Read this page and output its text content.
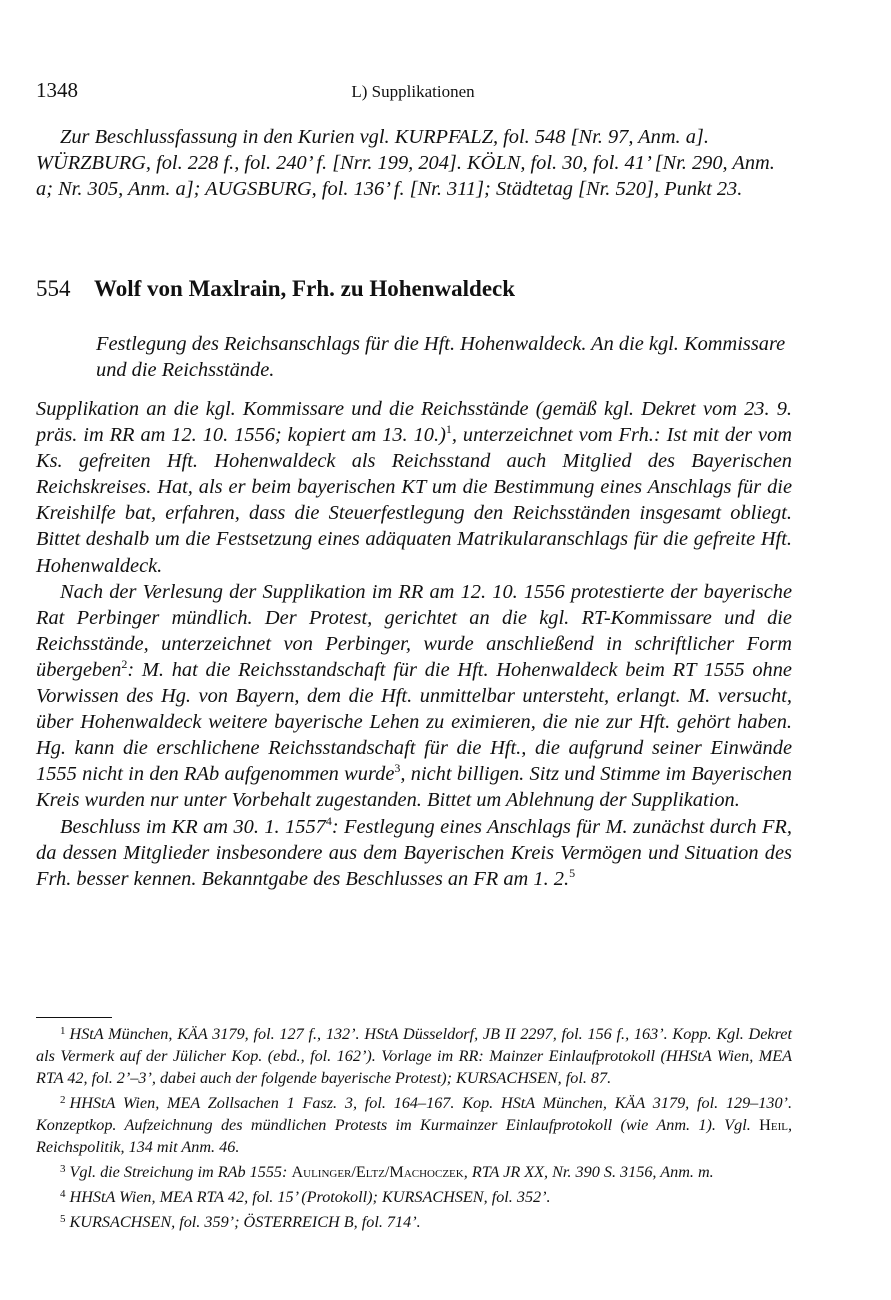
1348	L) Supplikationen

Zur Beschlussfassung in den Kurien vgl. KURPFALZ, fol. 548 [Nr. 97, Anm. a]. WÜRZBURG, fol. 228 f., fol. 240’ f. [Nrr. 199, 204]. KÖLN, fol. 30, fol. 41’ [Nr. 290, Anm. a; Nr. 305, Anm. a]; AUGSBURG, fol. 136’ f. [Nr. 311]; Städtetag [Nr. 520], Punkt 23.

554 Wolf von Maxlrain, Frh. zu Hohenwaldeck

Festlegung des Reichsanschlags für die Hft. Hohenwaldeck. An die kgl. Kommissare und die Reichsstände.

Supplikation an die kgl. Kommissare und die Reichsstände (gemäß kgl. Dekret vom 23. 9. präs. im RR am 12. 10. 1556; kopiert am 13. 10.)$^1$, unterzeichnet vom Frh.: Ist mit der vom Ks. gefreiten Hft. Hohenwaldeck als Reichsstand auch Mitglied des Bayerischen Reichskreises. Hat, als er beim bayerischen KT um die Bestimmung eines Anschlags für die Kreishilfe bat, erfahren, dass die Steuerfestlegung den Reichsständen insgesamt obliegt. Bittet deshalb um die Festsetzung eines adäquaten Matrikularanschlags für die gefreite Hft. Hohenwaldeck.

Nach der Verlesung der Supplikation im RR am 12. 10. 1556 protestierte der bayerische Rat Perbinger mündlich. Der Protest, gerichtet an die kgl. RT-Kommissare und die Reichsstände, unterzeichnet von Perbinger, wurde anschließend in schriftlicher Form übergeben$^2$: M. hat die Reichsstandschaft für die Hft. Hohenwaldeck beim RT 1555 ohne Vorwissen des Hg. von Bayern, dem die Hft. unmittelbar untersteht, erlangt. M. versucht, über Hohenwaldeck weitere bayerische Lehen zu eximieren, die nie zur Hft. gehört haben. Hg. kann die erschlichene Reichsstandschaft für die Hft., die aufgrund seiner Einwände 1555 nicht in den RAb aufgenommen wurde$^3$, nicht billigen. Sitz und Stimme im Bayerischen Kreis wurden nur unter Vorbehalt zugestanden. Bittet um Ablehnung der Supplikation.

Beschluss im KR am 30. 1. 1557$^4$: Festlegung eines Anschlags für M. zunächst durch FR, da dessen Mitglieder insbesondere aus dem Bayerischen Kreis Vermögen und Situation des Frh. besser kennen. Bekanntgabe des Beschlusses an FR am 1. 2.$^5$

$^1$ HStA München, KÄA 3179, fol. 127 f., 132’. HStA Düsseldorf, JB II 2297, fol. 156 f., 163’. Kopp. Kgl. Dekret als Vermerk auf der Jülicher Kop. (ebd., fol. 162’). Vorlage im RR: Mainzer Einlaufprotokoll (HHStA Wien, MEA RTA 42, fol. 2’–3’, dabei auch der folgende bayerische Protest); KURSACHSEN, fol. 87.

$^2$ HHStA Wien, MEA Zollsachen 1 Fasz. 3, fol. 164–167. Kop. HStA München, KÄA 3179, fol. 129–130’. Konzeptkop. Aufzeichnung des mündlichen Protests im Kurmainzer Einlaufprotokoll (wie Anm. 1). Vgl. Heil, Reichspolitik, 134 mit Anm. 46.

$^3$ Vgl. die Streichung im RAb 1555: Aulinger/Eltz/Machoczek, RTA JR XX, Nr. 390 S. 3156, Anm. m.

$^4$ HHStA Wien, MEA RTA 42, fol. 15’ (Protokoll); KURSACHSEN, fol. 352’.

$^5$ KURSACHSEN, fol. 359’; ÖSTERREICH B, fol. 714’.
